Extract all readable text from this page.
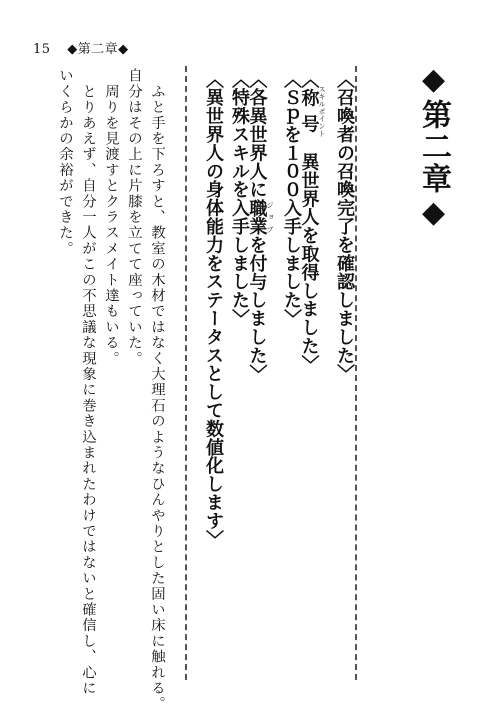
15 ◆第二章◆
◆第二章◆
〈召喚者の召喚完了を確認しました〉
〈称号スキルポイント　異世界人を取得しました〉
〈Ｓｐを１００入手しました〉
〈各異世界人に職業ジョブを付与しました〉
〈特殊スキルを入手しました〉
〈異世界人の身体能力をステータスとして数値化します〉
　ふと手を下ろすと、教室の木材ではなく大理石のようなひんやりとした固い床に触れる。
自分はその上に片膝を立てて座っていた。
　周りを見渡すとクラスメイト達もいる。
　とりあえず、自分一人がこの不思議な現象に巻き込まれたわけではないと確信し、心に
いくらかの余裕ができた。
